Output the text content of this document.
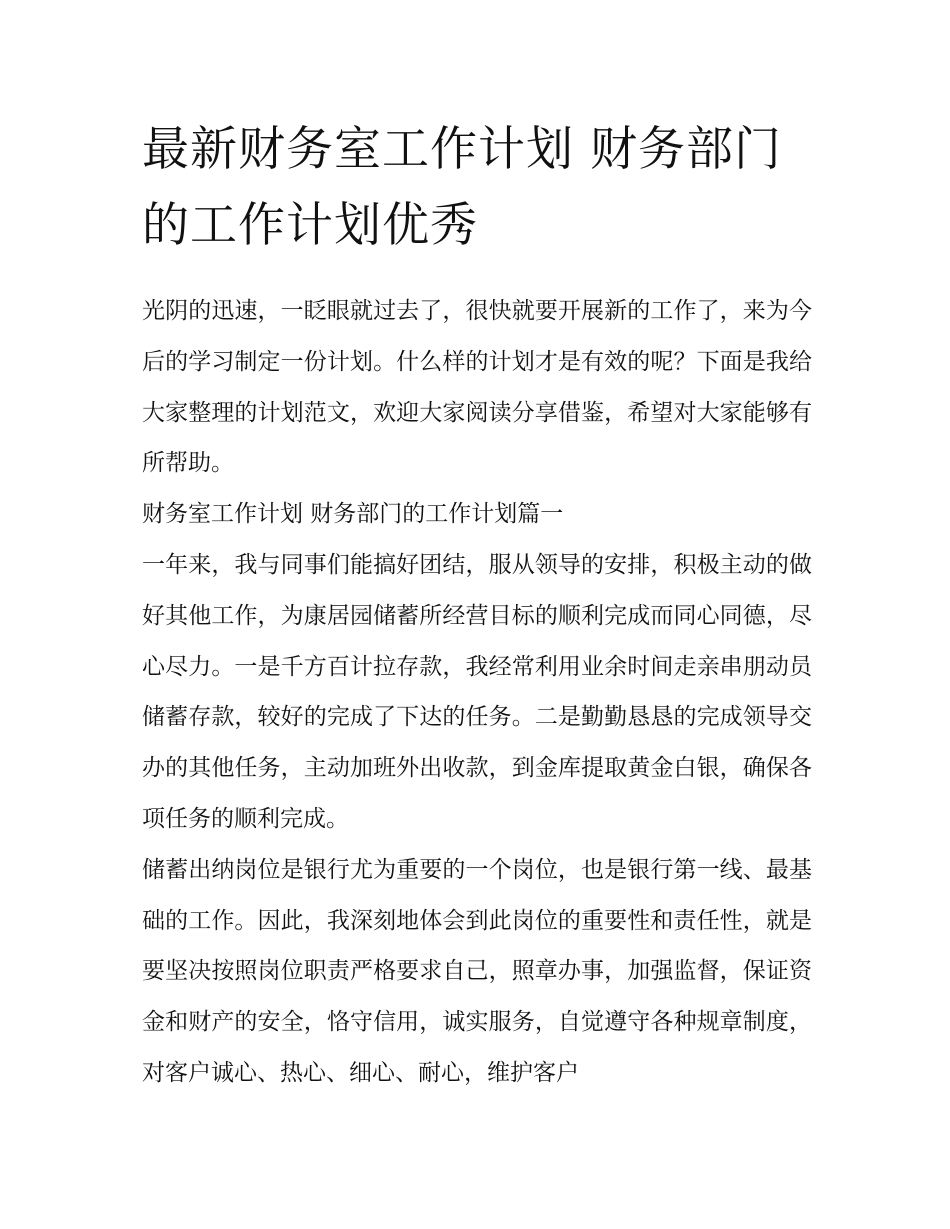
最新财务室工作计划 财务部门的工作计划优秀

光阴的迅速，一眨眼就过去了，很快就要开展新的工作了，来为今后的学习制定一份计划。什么样的计划才是有效的呢？下面是我给大家整理的计划范文，欢迎大家阅读分享借鉴，希望对大家能够有所帮助。

财务室工作计划 财务部门的工作计划篇一

一年来，我与同事们能搞好团结，服从领导的安排，积极主动的做好其他工作，为康居园储蓄所经营目标的顺利完成而同心同德，尽心尽力。一是千方百计拉存款，我经常利用业余时间走亲串朋动员储蓄存款，较好的完成了下达的任务。二是勤勤恳恳的完成领导交办的其他任务，主动加班外出收款，到金库提取黄金白银，确保各项任务的顺利完成。

储蓄出纳岗位是银行尤为重要的一个岗位，也是银行第一线、最基础的工作。因此，我深刻地体会到此岗位的重要性和责任性，就是要坚决按照岗位职责严格要求自己，照章办事，加强监督，保证资金和财产的安全，恪守信用，诚实服务，自觉遵守各种规章制度，对客户诚心、热心、细心、耐心，维护客户
